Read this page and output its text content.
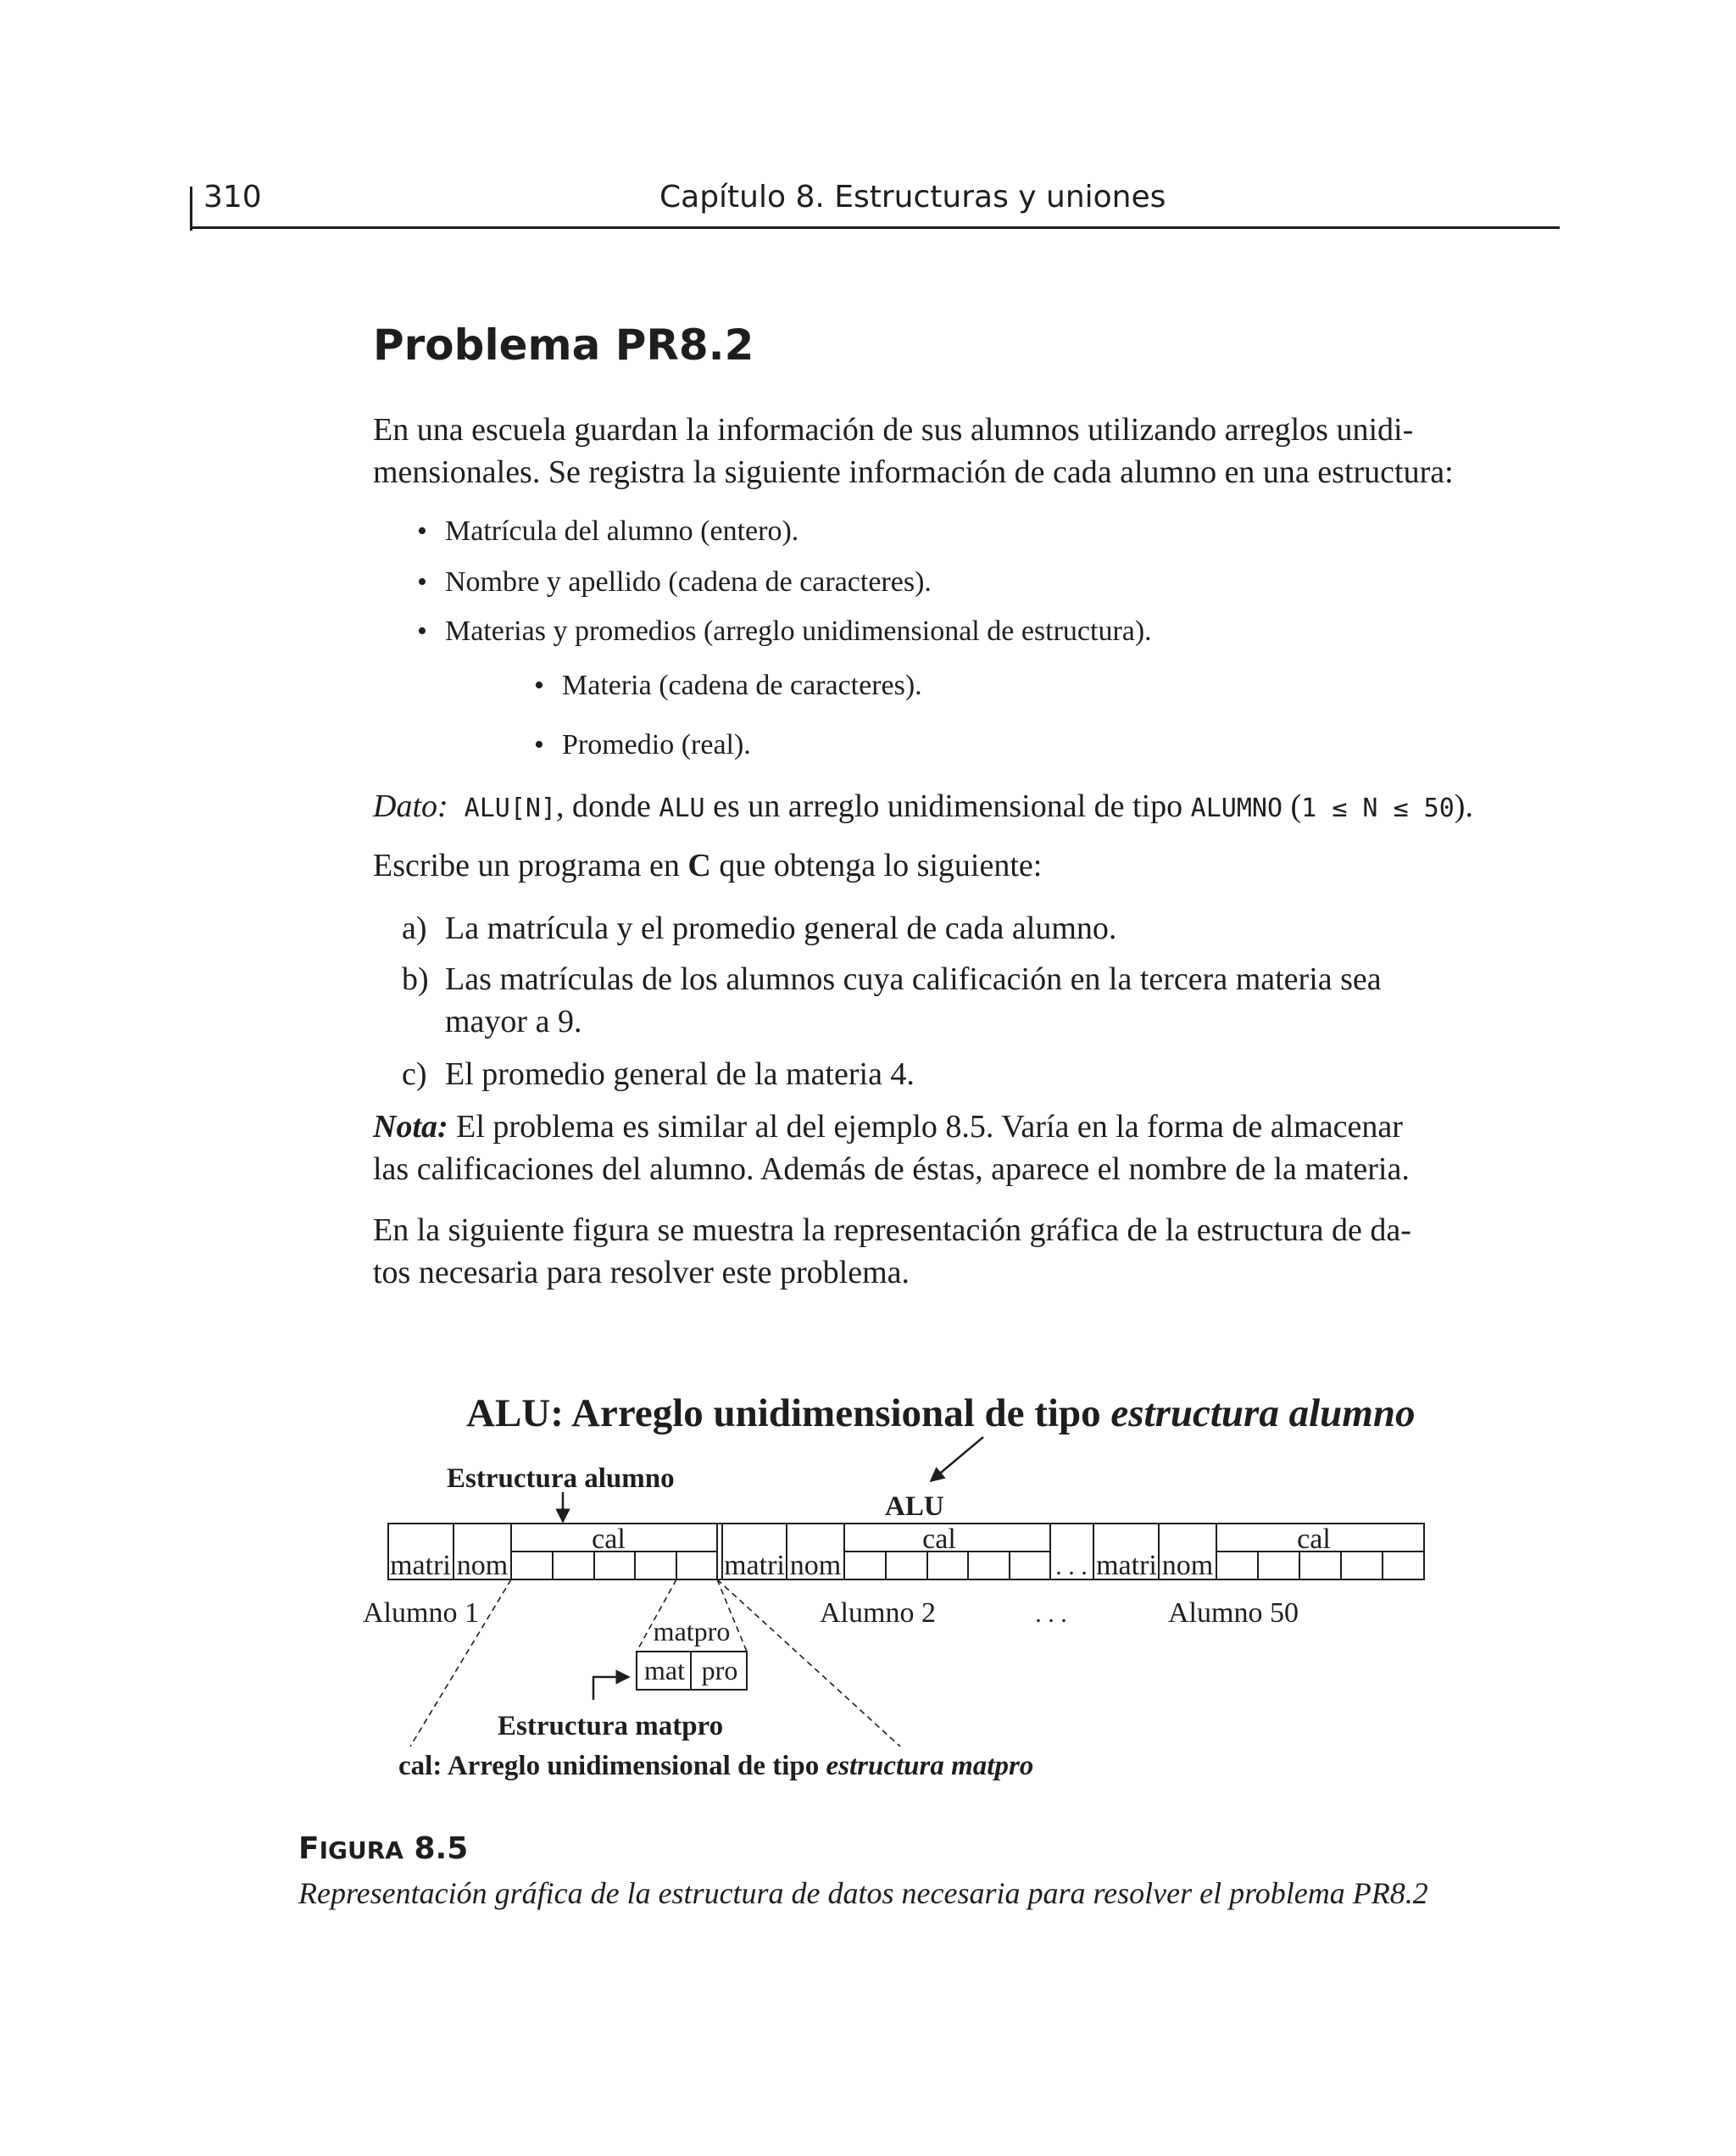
310	Capítulo 8. Estructuras y uniones
Problema PR8.2
En una escuela guardan la información de sus alumnos utilizando arreglos unidi-
mensionales. Se registra la siguiente información de cada alumno en una estructura:
• Matrícula del alumno (entero).
• Nombre y apellido (cadena de caracteres).
• Materias y promedios (arreglo unidimensional de estructura).
• Materia (cadena de caracteres).
• Promedio (real).
Dato: ALU[N], donde ALU es un arreglo unidimensional de tipo ALUMNO (1 ≤ N ≤ 50).
Escribe un programa en C que obtenga lo siguiente:
a) La matrícula y el promedio general de cada alumno.
b) Las matrículas de los alumnos cuya calificación en la tercera materia sea
mayor a 9.
c) El promedio general de la materia 4.
Nota: El problema es similar al del ejemplo 8.5. Varía en la forma de almacenar
las calificaciones del alumno. Además de éstas, aparece el nombre de la materia.
En la siguiente figura se muestra la representación gráfica de la estructura de da-
tos necesaria para resolver este problema.
ALU: Arreglo unidimensional de tipo estructura alumno
Estructura alumno
ALU
matri nom
cal
matri nom
cal
. . . matri nom
cal
Alumno 1	Alumno 2	. . .	Alumno 50
matpro
mat pro
Estructura matpro
cal: Arreglo unidimensional de tipo estructura matpro
FIGURA 8.5
Representación gráfica de la estructura de datos necesaria para resolver el problema PR8.2
